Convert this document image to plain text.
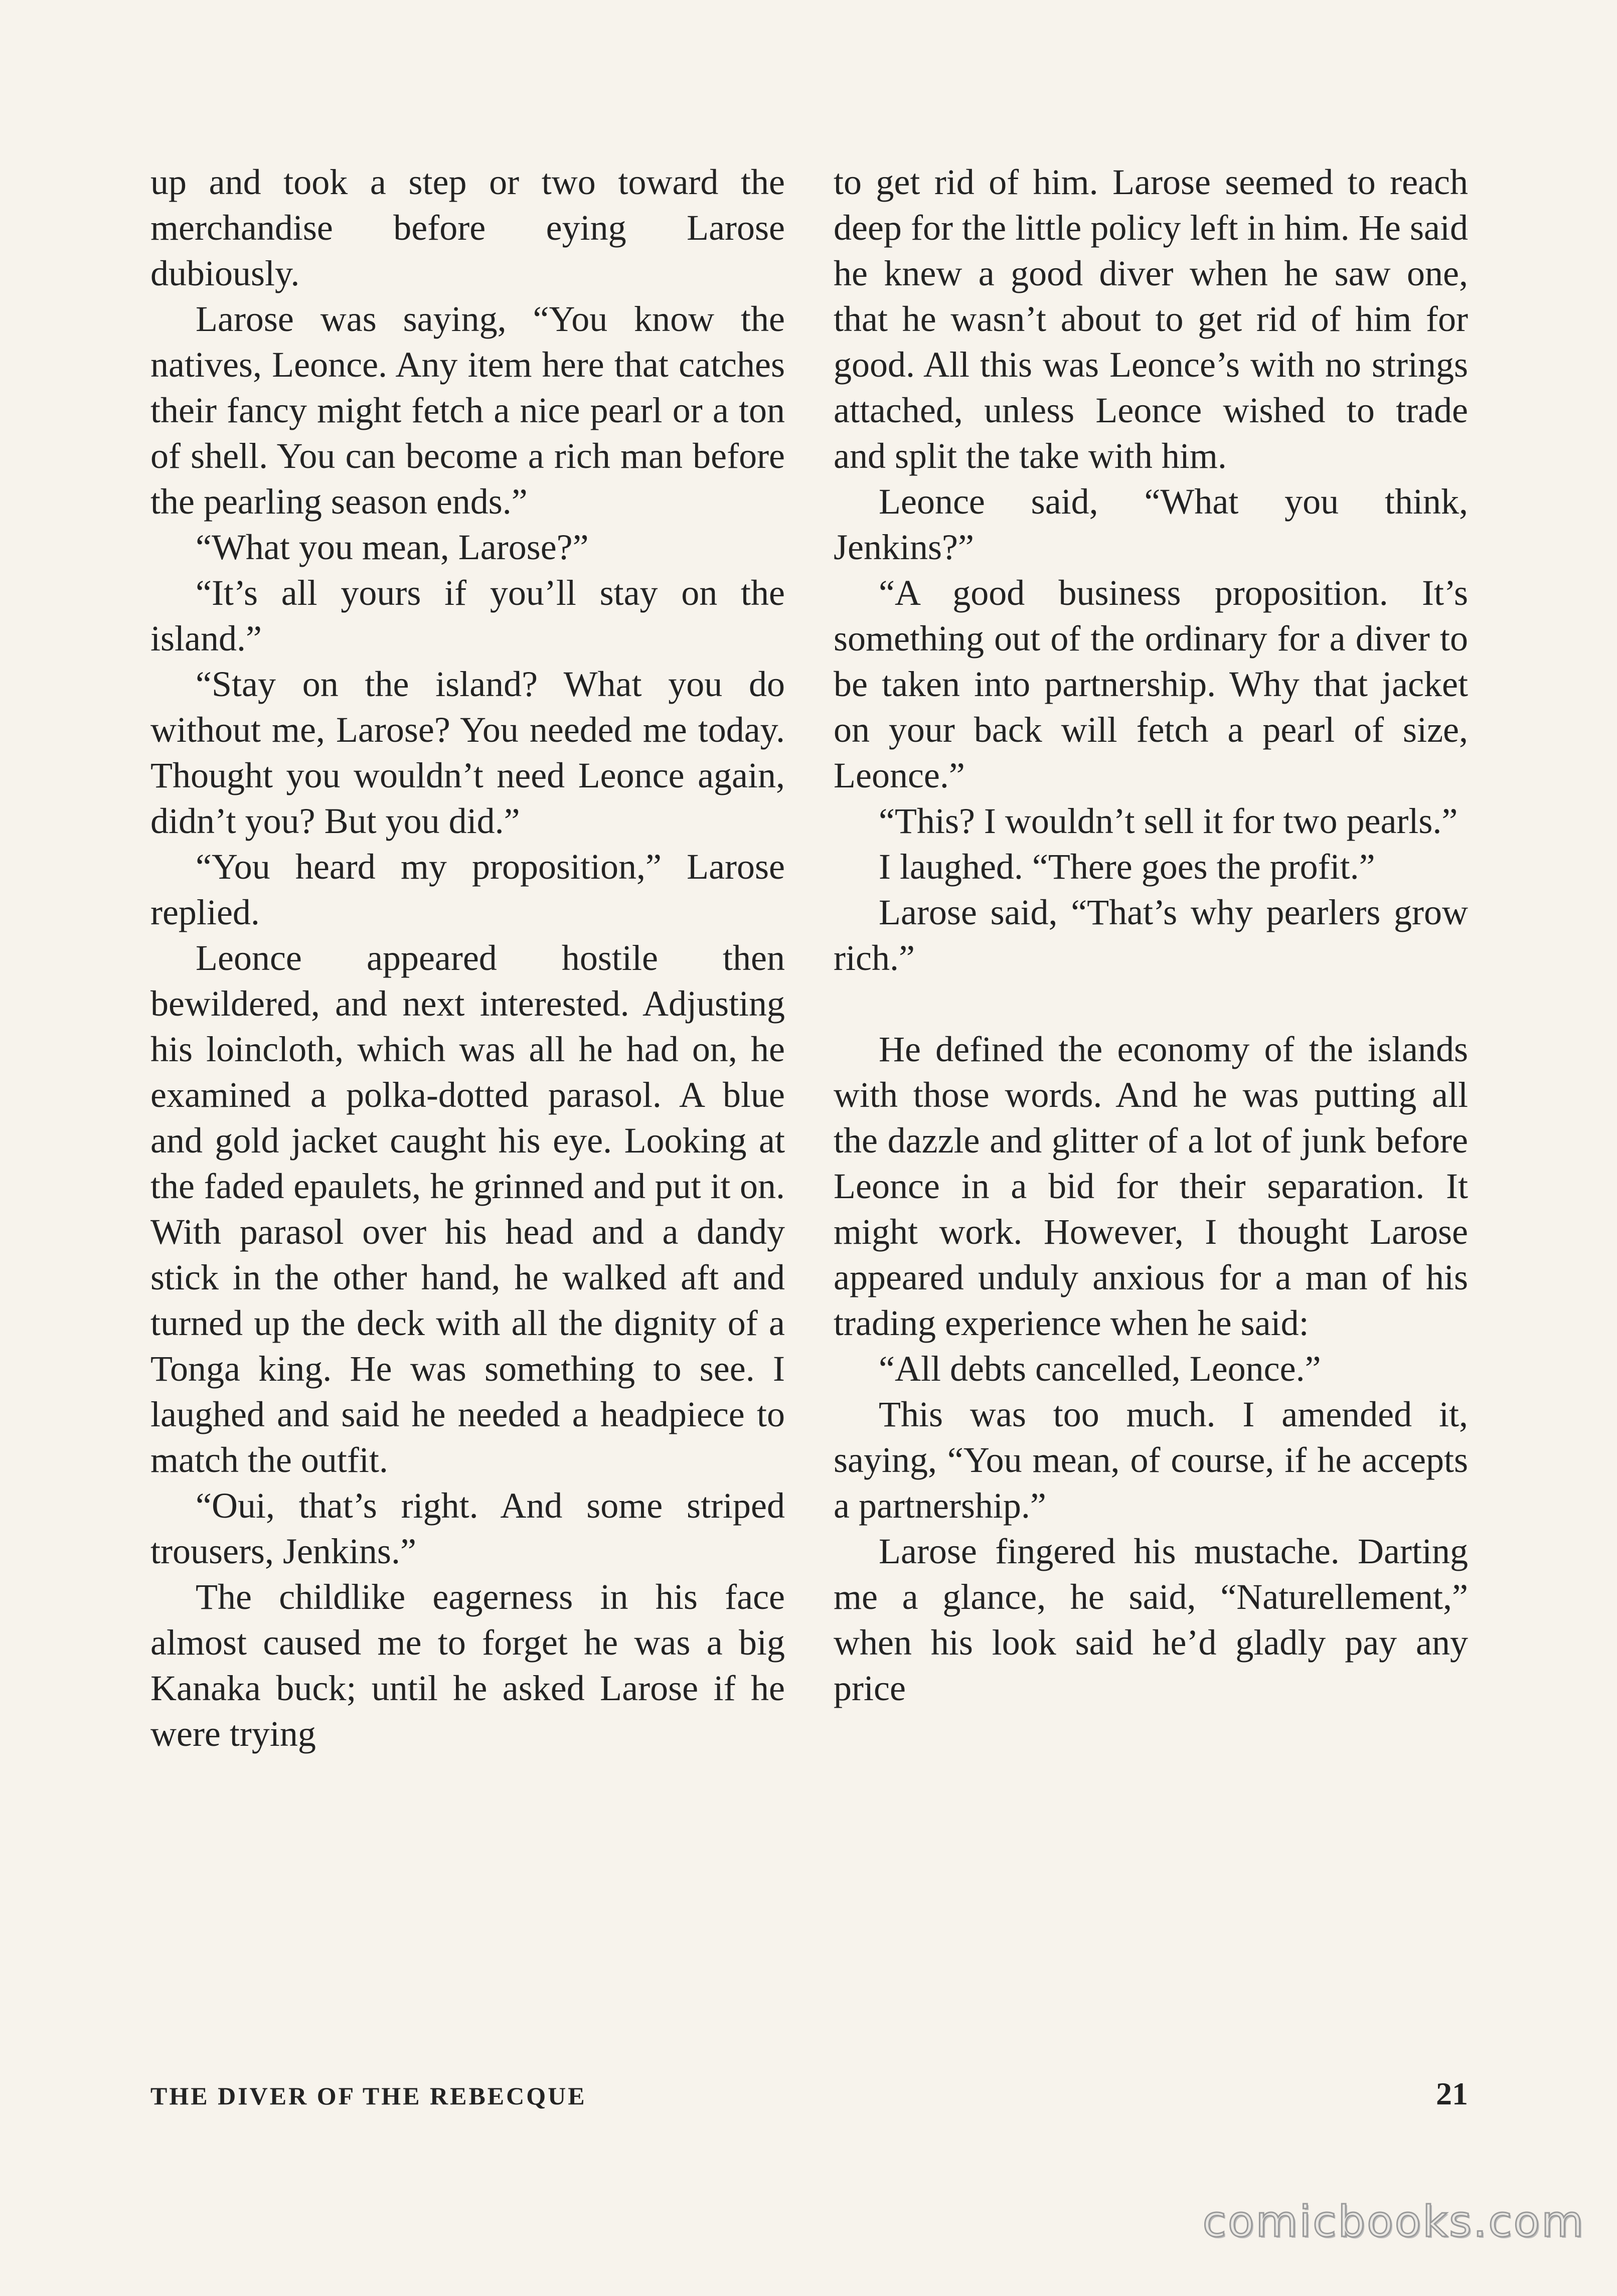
up and took a step or two toward the merchandise before eying Larose dubiously.

Larose was saying, “You know the natives, Leonce. Any item here that catches their fancy might fetch a nice pearl or a ton of shell. You can become a rich man before the pearling season ends.”

“What you mean, Larose?”

“It’s all yours if you’ll stay on the island.”

“Stay on the island? What you do without me, Larose? You needed me today. Thought you wouldn’t need Leonce again, didn’t you? But you did.”

“You heard my proposition,” Larose replied.

Leonce appeared hostile then bewildered, and next interested. Adjusting his loincloth, which was all he had on, he examined a polka-dotted parasol. A blue and gold jacket caught his eye. Looking at the faded epaulets, he grinned and put it on. With parasol over his head and a dandy stick in the other hand, he walked aft and turned up the deck with all the dignity of a Tonga king. He was something to see. I laughed and said he needed a headpiece to match the outfit.

“Oui, that’s right. And some striped trousers, Jenkins.”

The childlike eagerness in his face almost caused me to forget he was a big Kanaka buck; until he asked Larose if he were trying

to get rid of him. Larose seemed to reach deep for the little policy left in him. He said he knew a good diver when he saw one, that he wasn’t about to get rid of him for good. All this was Leonce’s with no strings attached, unless Leonce wished to trade and split the take with him.

Leonce said, “What you think, Jenkins?”

“A good business proposition. It’s something out of the ordinary for a diver to be taken into partnership. Why that jacket on your back will fetch a pearl of size, Leonce.”

“This? I wouldn’t sell it for two pearls.”

I laughed. “There goes the profit.”

Larose said, “That’s why pearlers grow rich.”

He defined the economy of the islands with those words. And he was putting all the dazzle and glitter of a lot of junk before Leonce in a bid for their separation. It might work. However, I thought Larose appeared unduly anxious for a man of his trading experience when he said:

“All debts cancelled, Leonce.”

This was too much. I amended it, saying, “You mean, of course, if he accepts a partnership.”

Larose fingered his mustache. Darting me a glance, he said, “Naturellement,” when his look said he’d gladly pay any price

THE DIVER OF THE REBECQUE	21
comicbooks.com
